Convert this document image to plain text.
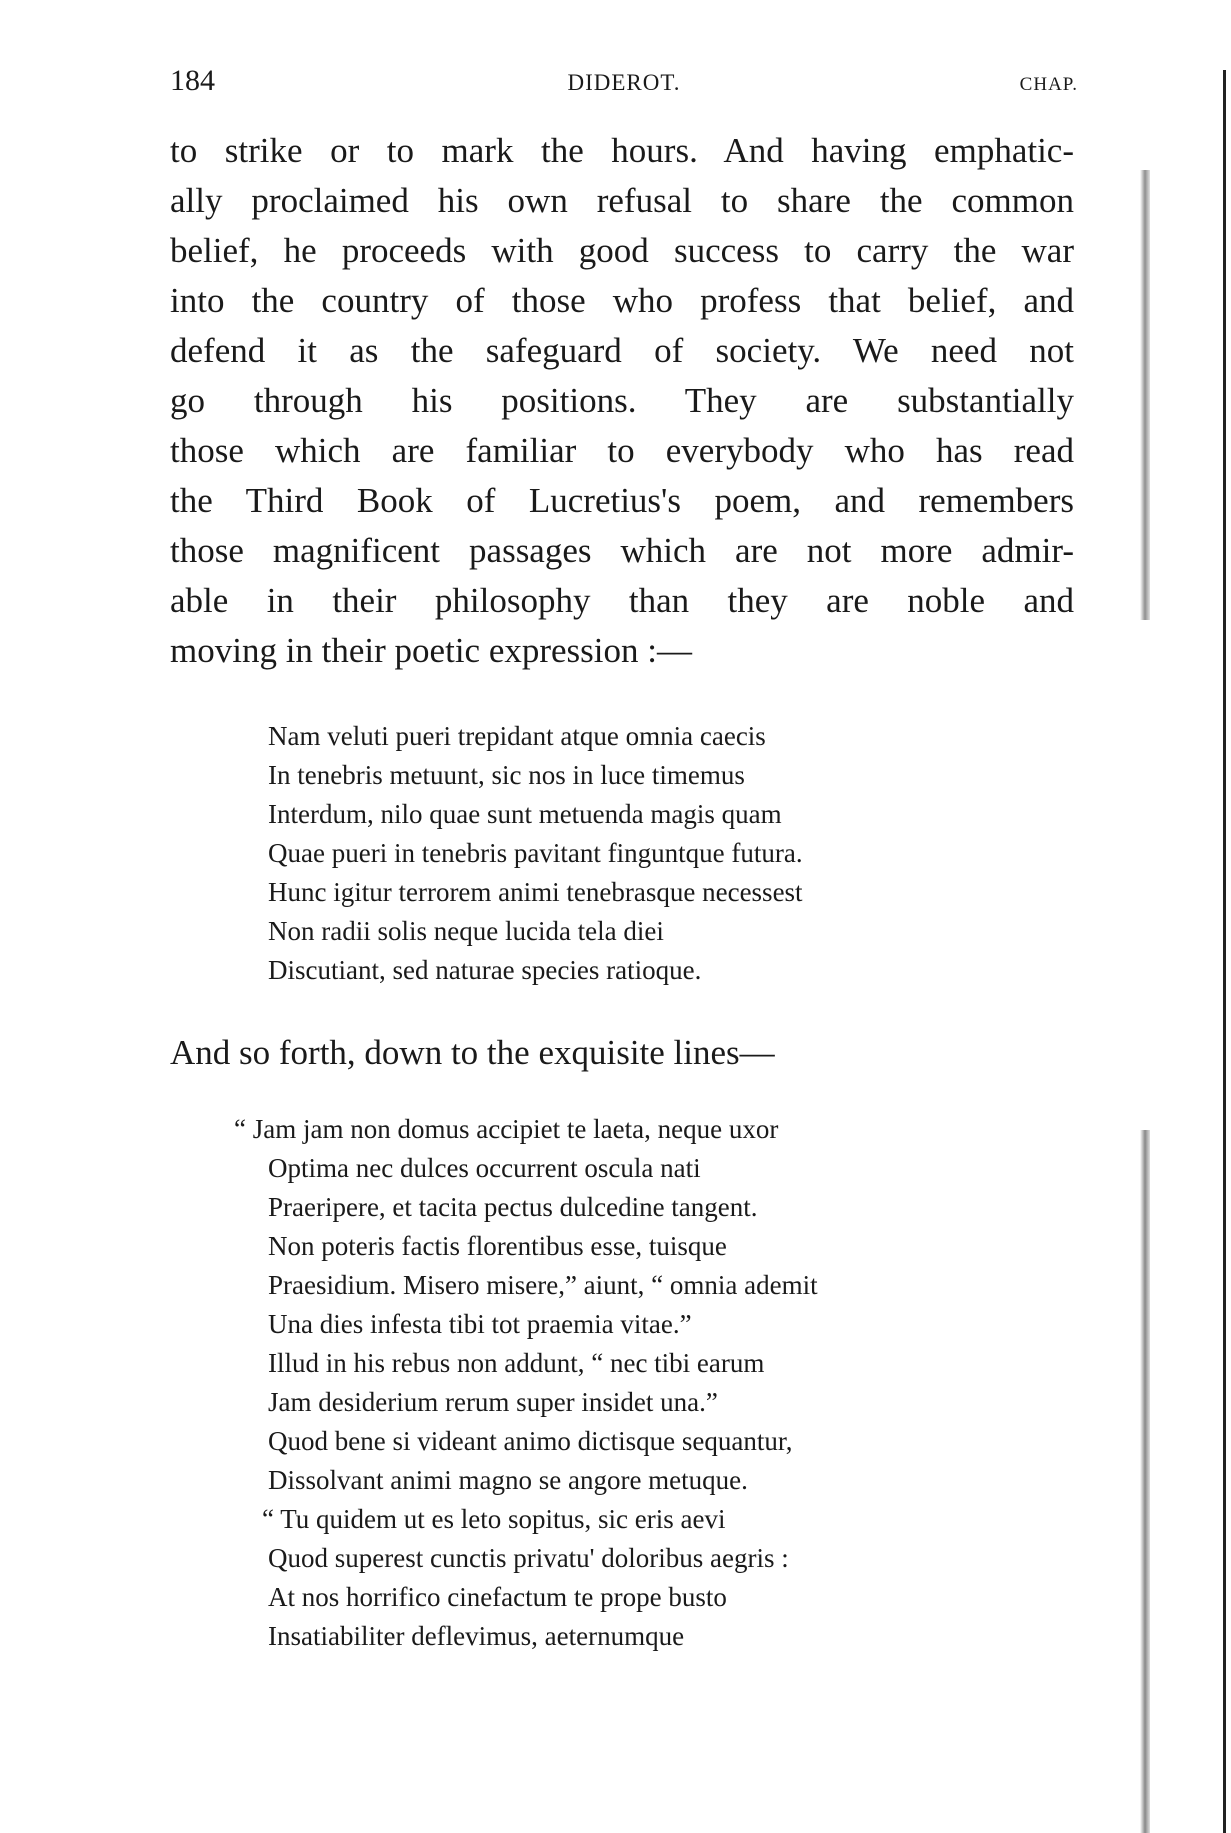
184	DIDEROT.	CHAP.
to strike or to mark the hours. And having emphatic-
ally proclaimed his own refusal to share the common
belief, he proceeds with good success to carry the war
into the country of those who profess that belief, and
defend it as the safeguard of society. We need not
go through his positions. They are substantially
those which are familiar to everybody who has read
the Third Book of Lucretius's poem, and remembers
those magnificent passages which are not more admir-
able in their philosophy than they are noble and
moving in their poetic expression :—
Nam veluti pueri trepidant atque omnia caecis
In tenebris metuunt, sic nos in luce timemus
Interdum, nilo quae sunt metuenda magis quam
Quae pueri in tenebris pavitant finguntque futura.
Hunc igitur terrorem animi tenebrasque necessest
Non radii solis neque lucida tela diei
Discutiant, sed naturae species ratioque.
And so forth, down to the exquisite lines—
“ Jam jam non domus accipiet te laeta, neque uxor
Optima nec dulces occurrent oscula nati
Praeripere, et tacita pectus dulcedine tangent.
Non poteris factis florentibus esse, tuisque
Praesidium. Misero misere,” aiunt, “ omnia ademit
Una dies infesta tibi tot praemia vitae.”
Illud in his rebus non addunt, “ nec tibi earum
Jam desiderium rerum super insidet una.”
Quod bene si videant animo dictisque sequantur,
Dissolvant animi magno se angore metuque.
“ Tu quidem ut es leto sopitus, sic eris aevi
Quod superest cunctis privatu' doloribus aegris :
At nos horrifico cinefactum te prope busto
Insatiabiliter deflevimus, aeternumque
